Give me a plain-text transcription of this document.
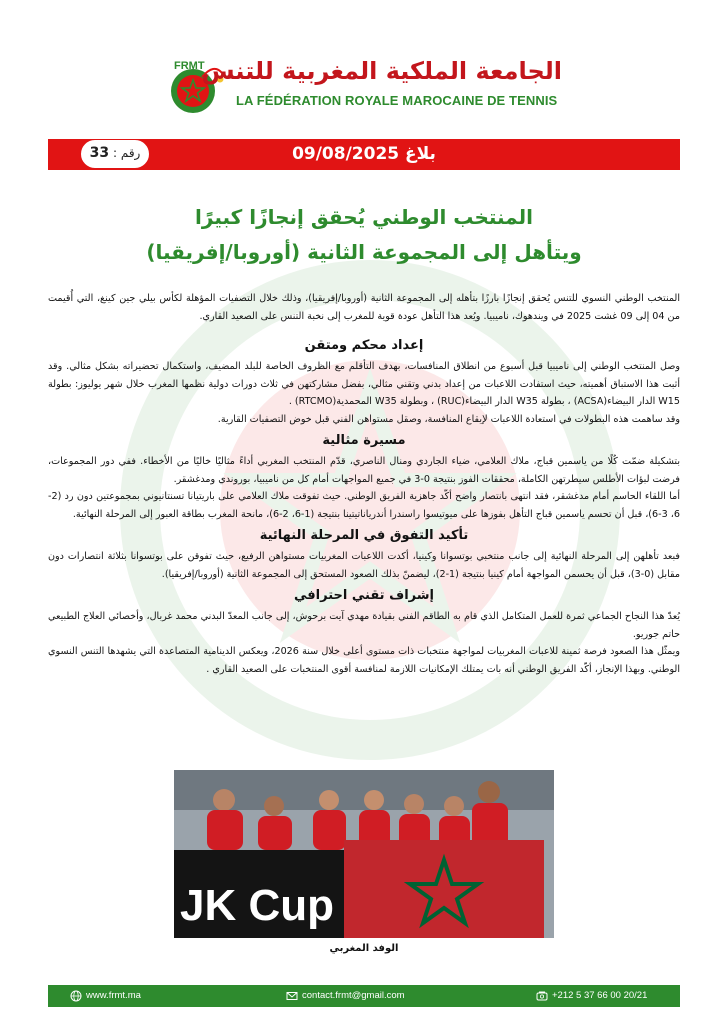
FRMT
الجامعة الملكية المغربية للتنس
LA FÉDÉRATION ROYALE MAROCAINE DE TENNIS
بلاغ 09/08/2025
رقم : 33
المنتخب الوطني يُحقق إنجازًا كبيرًا
ويتأهل إلى المجموعة الثانية (أوروبا/إفريقيا)

المنتخب الوطني النسوي للتنس يُحقق إنجازًا بارزًا بتأهله إلى المجموعة الثانية (أوروبا/إفريقيا)، وذلك خلال التصفيات المؤهلة لكأس بيلي جين كينغ، التي أُقيمت من 04 إلى 09 غشت 2025 في ويندهوك، ناميبيا. ويُعد هذا التأهل عودة قوية للمغرب إلى نخبة التنس على الصعيد القاري.

إعداد محكم ومتقن

وصل المنتخب الوطني إلى ناميبيا قبل أسبوع من انطلاق المنافسات، بهدف التأقلم مع الظروف الخاصة للبلد المضيف، واستكمال تحضيراته بشكل مثالي. وقد أثبت هذا الاستباق أهميته، حيث استفادت اللاعبات من إعداد بدني وتقني مثالي، بفضل مشاركتهن في ثلاث دورات دولية نظمها المغرب خلال شهر يوليوز: بطولة W15 الدار البيضاء(ACSA) ، بطولة W35 الدار البيضاء(RUC) ، وبطولة W35 المحمدية(RTCMO) .

وقد ساهمت هذه البطولات في استعادة اللاعبات لإيقاع المنافسة، وصقل مستواهن الفني قبل خوض التصفيات القارية.

مسيرة مثالية

بتشكيلة ضمّت كُلًا من ياسمين قباج، ملاك العلامي، ضياء الجاردي ومنال الناصري، قدّم المنتخب المغربي أداءً مثاليًا خاليًا من الأخطاء. ففي دور المجموعات، فرضت لبؤات الأطلس سيطرتهن الكاملة، محققات الفوز بنتيجة 0-3 في جميع المواجهات أمام كل من ناميبيا، بوروندي ومدغشقر.

أما اللقاء الحاسم أمام مدغشقر، فقد انتهى بانتصار واضح أكّد جاهزية الفريق الوطني. حيث تفوقت ملاك العلامي على باريتيانا تسنتانيوني بمجموعتين دون رد (2-6، 3-6)، قبل أن تحسم ياسمين قباج التأهل بفوزها على ميوتيسوا راسندرا أندرياناتيتينا بنتيجة (1-6، 2-6)، مانحة المغرب بطاقة العبور إلى المرحلة النهائية.

تأكيد التفوق في المرحلة النهائية

فبعد تأهلهن إلى المرحلة النهائية إلى جانب منتخبي بوتسوانا وكينيا، أكدت اللاعبات المغربيات مستواهن الرفيع، حيث تفوقن على بوتسوانا بثلاثة انتصارات دون مقابل (0-3)، قبل أن يحسمن المواجهة أمام كينيا بنتيجة (1-2)، ليضمنّ بذلك الصعود المستحق إلى المجموعة الثانية (أوروبا/إفريقيا).

إشراف تقني احترافي

يُعدّ هذا النجاح الجماعي ثمرة للعمل المتكامل الذي قام به الطاقم الفني بقيادة مهدي آيت برحوش، إلى جانب المعدّ البدني محمد غربال، وأخصائي العلاج الطبيعي حاتم جوريو.

ويمثّل هذا الصعود فرصة ثمينة للاعبات المغربيات لمواجهة منتخبات ذات مستوى أعلى خلال سنة 2026، ويعكس الدينامية المتصاعدة التي يشهدها التنس النسوي الوطني. وبهذا الإنجاز، أكّد الفريق الوطني أنه بات يمتلك الإمكانيات اللازمة لمنافسة أقوى المنتخبات على الصعيد القاري .

JK Cup
الوفد المغربي
www.frmt.ma	contact.frmt@gmail.com	+212 5 37 66 00 20/21
